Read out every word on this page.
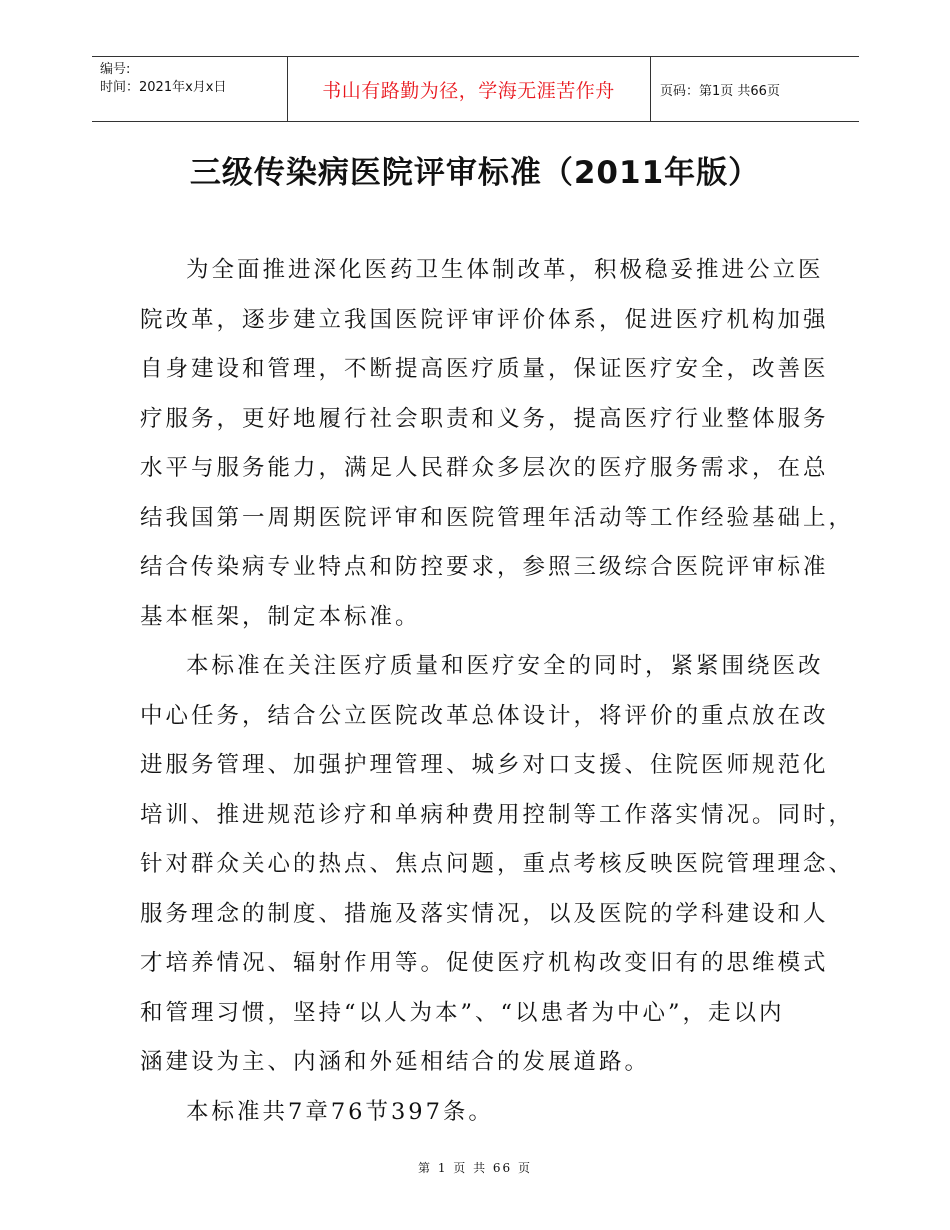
编号:
时间：2021年x月x日	书山有路勤为径，学海无涯苦作舟	页码：第1页 共66页
三级传染病医院评审标准（2011年版）
为全面推进深化医药卫生体制改革，积极稳妥推进公立医
院改革，逐步建立我国医院评审评价体系，促进医疗机构加强
自身建设和管理，不断提高医疗质量，保证医疗安全，改善医
疗服务，更好地履行社会职责和义务，提高医疗行业整体服务
水平与服务能力，满足人民群众多层次的医疗服务需求，在总
结我国第一周期医院评审和医院管理年活动等工作经验基础上，
结合传染病专业特点和防控要求，参照三级综合医院评审标准
基本框架，制定本标准。
本标准在关注医疗质量和医疗安全的同时，紧紧围绕医改
中心任务，结合公立医院改革总体设计，将评价的重点放在改
进服务管理、加强护理管理、城乡对口支援、住院医师规范化
培训、推进规范诊疗和单病种费用控制等工作落实情况。同时，
针对群众关心的热点、焦点问题，重点考核反映医院管理理念、
服务理念的制度、措施及落实情况，以及医院的学科建设和人
才培养情况、辐射作用等。促使医疗机构改变旧有的思维模式
和管理习惯，坚持“以人为本”、“以患者为中心”，走以内
涵建设为主、内涵和外延相结合的发展道路。
本标准共7章76节397条。
第 1 页 共 66 页
